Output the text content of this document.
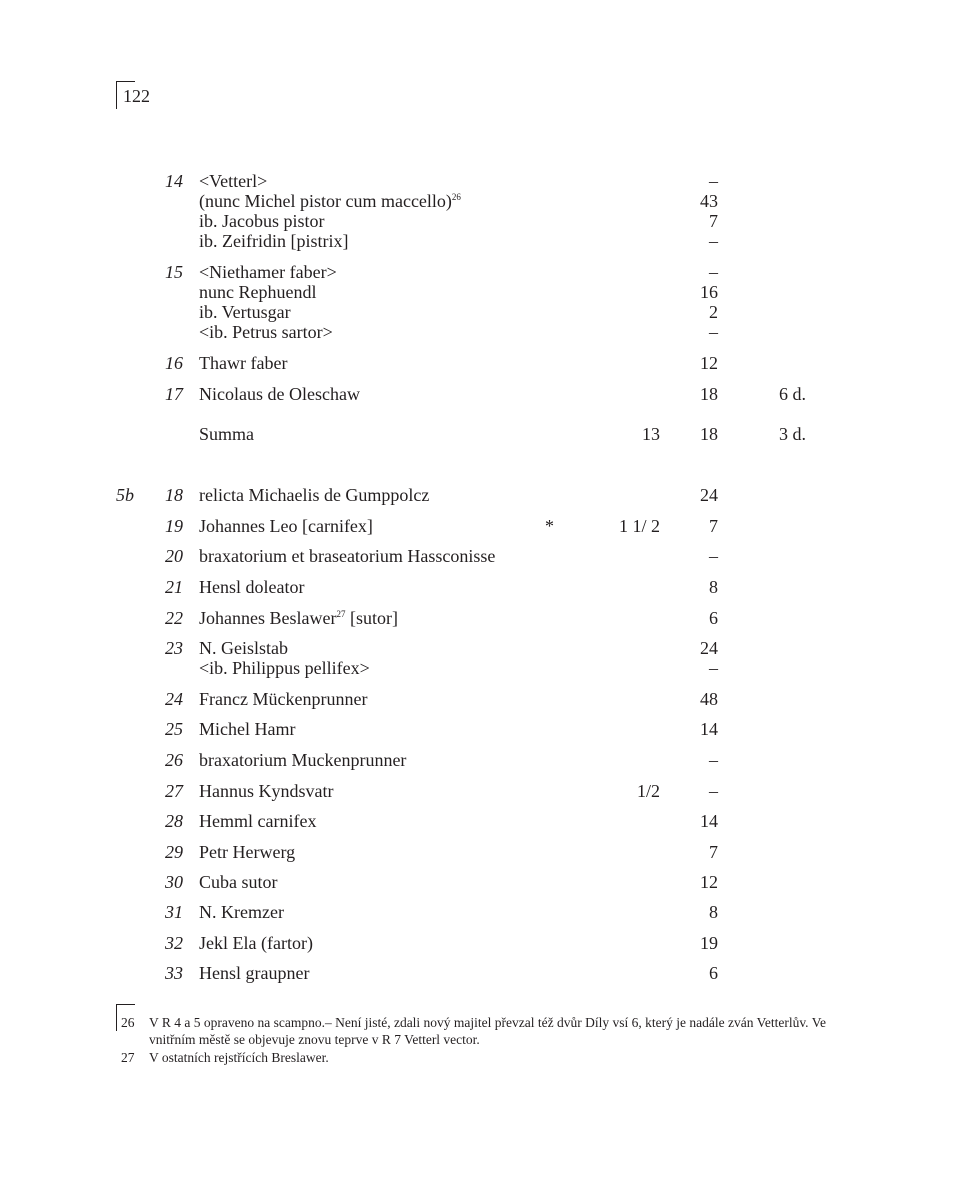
122
14 <Vetterl>	–
(nunc Michel pistor cum maccello)$^{26}$	43
ib. Jacobus pistor	7
ib. Zeifridin [pistrix]	–
15 <Niethamer faber>	–
nunc Rephuendl	16
ib. Vertusgar	2
<ib. Petrus sartor>	–
16 Thawr faber	12
17 Nicolaus de Oleschaw	18	6 d.
Summa	13	18	3 d.
5b	18 relicta Michaelis de Gumppolcz	24
19 Johannes Leo [carnifex]	*	1 1/ 2	7
20 braxatorium et braseatorium Hassconisse	–
21 Hensl doleator	8
22 Johannes Beslawer$^{27}$ [sutor]	6
23 N. Geislstab	24
<ib. Philippus pellifex>	–
24 Francz Mückenprunner	48
25 Michel Hamr	14
26 braxatorium Muckenprunner	–
27 Hannus Kyndsvatr	1/2	–
28 Hemml carnifex	14
29 Petr Herwerg	7
30 Cuba sutor	12
31 N. Kremzer	8
32 Jekl Ela (fartor)	19
33 Hensl graupner	6
26 V R 4 a 5 opraveno na scampno.– Není jisté, zdali nový majitel převzal též dvůr Díly vsí 6, který je nadále zván Vetterlův. Ve vnitřním městě se objevuje znovu teprve v R 7 Vetterl vector.
27 V ostatních rejstřících Breslawer.
